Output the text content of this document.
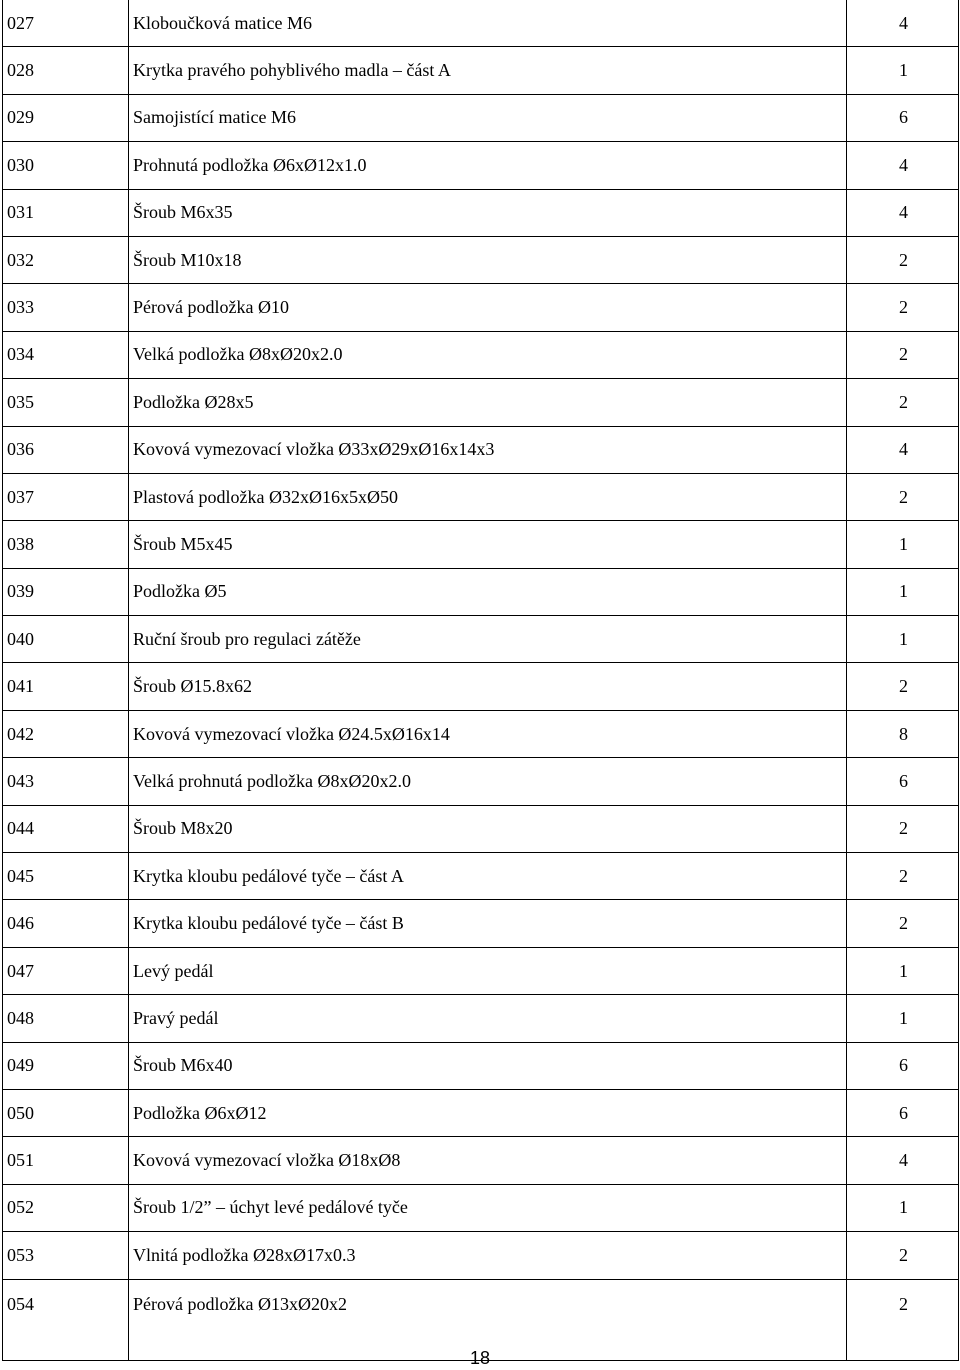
027	Kloboučková matice M6	4
028	Krytka pravého pohyblivého madla – část A	1
029	Samojistící matice M6	6
030	Prohnutá podložka Ø6xØ12x1.0	4
031	Šroub M6x35	4
032	Šroub M10x18	2
033	Pérová podložka Ø10	2
034	Velká podložka Ø8xØ20x2.0	2
035	Podložka Ø28x5	2
036	Kovová vymezovací vložka Ø33xØ29xØ16x14x3	4
037	Plastová podložka Ø32xØ16x5xØ50	2
038	Šroub M5x45	1
039	Podložka Ø5	1
040	Ruční šroub pro regulaci zátěže	1
041	Šroub Ø15.8x62	2
042	Kovová vymezovací vložka Ø24.5xØ16x14	8
043	Velká prohnutá podložka Ø8xØ20x2.0	6
044	Šroub M8x20	2
045	Krytka kloubu pedálové tyče – část A	2
046	Krytka kloubu pedálové tyče – část B	2
047	Levý pedál	1
048	Pravý pedál	1
049	Šroub M6x40	6
050	Podložka Ø6xØ12	6
051	Kovová vymezovací vložka Ø18xØ8	4
052	Šroub 1/2” – úchyt levé pedálové tyče	1
053	Vlnitá podložka Ø28xØ17x0.3	2
054	Pérová podložka Ø13xØ20x2	2
18
